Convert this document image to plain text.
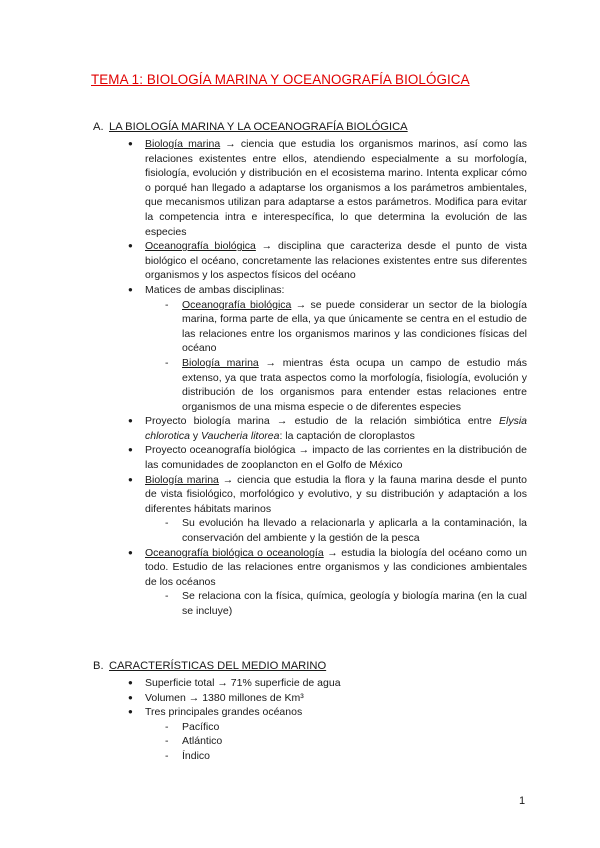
TEMA 1: BIOLOGÍA MARINA Y OCEANOGRAFÍA BIOLÓGICA
A. LA BIOLOGÍA MARINA Y LA OCEANOGRAFÍA BIOLÓGICA
● Biología marina → ciencia que estudia los organismos marinos, así como las relaciones existentes entre ellos, atendiendo especialmente a su morfología, fisiología, evolución y distribución en el ecosistema marino. Intenta explicar cómo o porqué han llegado a adaptarse los organismos a los parámetros ambientales, que mecanismos utilizan para adaptarse a estos parámetros. Modifica para evitar la competencia intra e interespecífica, lo que determina la evolución de las especies
● Oceanografía biológica → disciplina que caracteriza desde el punto de vista biológico el océano, concretamente las relaciones existentes entre sus diferentes organismos y los aspectos físicos del océano
● Matices de ambas disciplinas:
- Oceanografía biológica → se puede considerar un sector de la biología marina, forma parte de ella, ya que únicamente se centra en el estudio de las relaciones entre los organismos marinos y las condiciones físicas del océano
- Biología marina → mientras ésta ocupa un campo de estudio más extenso, ya que trata aspectos como la morfología, fisiología, evolución y distribución de los organismos para entender estas relaciones entre organismos de una misma especie o de diferentes especies
● Proyecto biología marina → estudio de la relación simbiótica entre Elysia chlorotica y Vaucheria litorea: la captación de cloroplastos
● Proyecto oceanografía biológica → impacto de las corrientes en la distribución de las comunidades de zooplancton en el Golfo de México
● Biología marina → ciencia que estudia la flora y la fauna marina desde el punto de vista fisiológico, morfológico y evolutivo, y su distribución y adaptación a los diferentes hábitats marinos
- Su evolución ha llevado a relacionarla y aplicarla a la contaminación, la conservación del ambiente y la gestión de la pesca
● Oceanografía biológica o oceanología → estudia la biología del océano como un todo. Estudio de las relaciones entre organismos y las condiciones ambientales de los océanos
- Se relaciona con la física, química, geología y biología marina (en la cual se incluye)
B. CARACTERÍSTICAS DEL MEDIO MARINO
● Superficie total → 71% superficie de agua
● Volumen → 1380 millones de Km³
● Tres principales grandes océanos
- Pacífico
- Atlántico
- Índico
1
